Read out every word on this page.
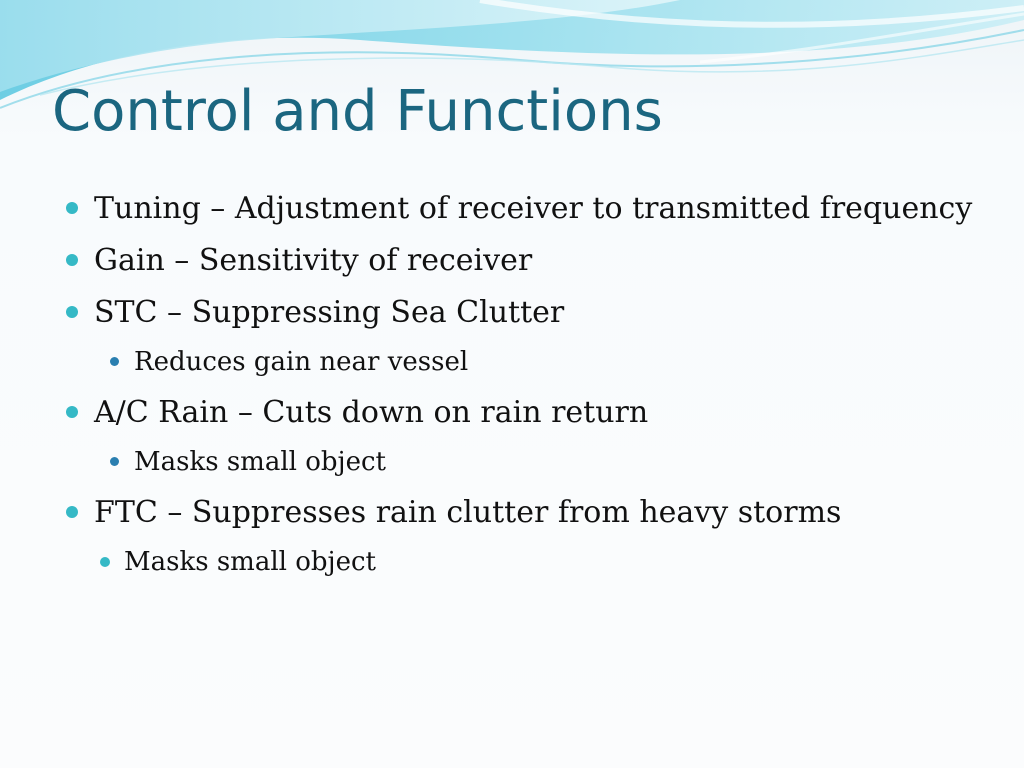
Control and Functions
Tuning – Adjustment of receiver to transmitted frequency
Gain – Sensitivity of receiver
STC – Suppressing Sea Clutter
Reduces gain near vessel
A/C Rain – Cuts down on rain return
Masks small object
FTC – Suppresses rain clutter from heavy storms
Masks small object
